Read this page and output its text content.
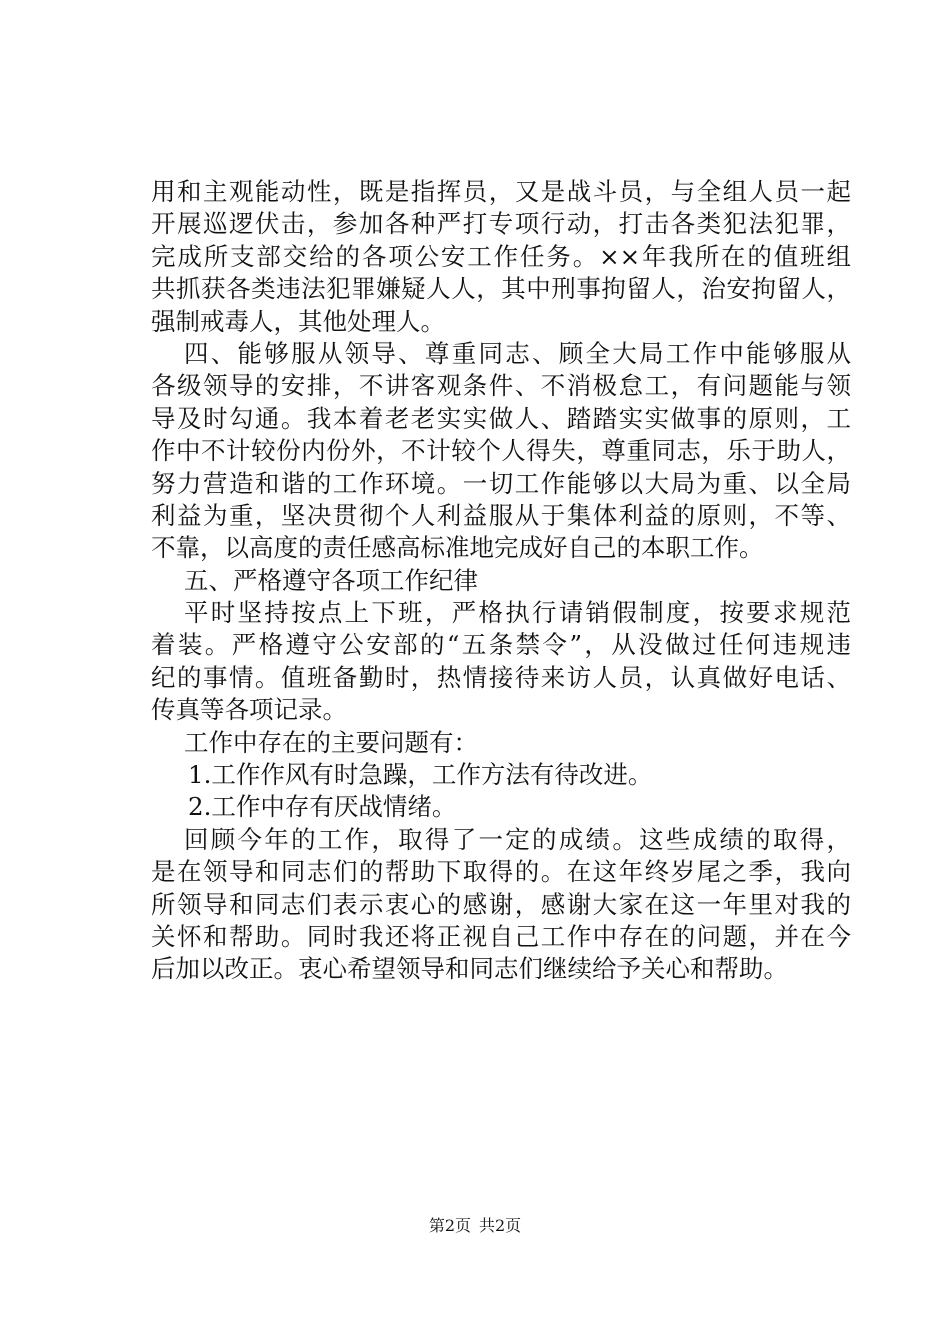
用和主观能动性，既是指挥员，又是战斗员，与全组人员一起
开展巡逻伏击，参加各种严打专项行动，打击各类犯法犯罪，
完成所支部交给的各项公安工作任务。××年我所在的值班组
共抓获各类违法犯罪嫌疑人人，其中刑事拘留人，治安拘留人，
强制戒毒人，其他处理人。
四、能够服从领导、尊重同志、顾全大局工作中能够服从
各级领导的安排，不讲客观条件、不消极怠工，有问题能与领
导及时勾通。我本着老老实实做人、踏踏实实做事的原则，工
作中不计较份内份外，不计较个人得失，尊重同志，乐于助人，
努力营造和谐的工作环境。一切工作能够以大局为重、以全局
利益为重，坚决贯彻个人利益服从于集体利益的原则，不等、
不靠，以高度的责任感高标准地完成好自己的本职工作。
五、严格遵守各项工作纪律
平时坚持按点上下班，严格执行请销假制度，按要求规范
着装。严格遵守公安部的“五条禁令”，从没做过任何违规违
纪的事情。值班备勤时，热情接待来访人员，认真做好电话、
传真等各项记录。
工作中存在的主要问题有：
1.工作作风有时急躁，工作方法有待改进。
2.工作中存有厌战情绪。
回顾今年的工作，取得了一定的成绩。这些成绩的取得，
是在领导和同志们的帮助下取得的。在这年终岁尾之季，我向
所领导和同志们表示衷心的感谢，感谢大家在这一年里对我的
关怀和帮助。同时我还将正视自己工作中存在的问题，并在今
后加以改正。衷心希望领导和同志们继续给予关心和帮助。
第2页 共2页
